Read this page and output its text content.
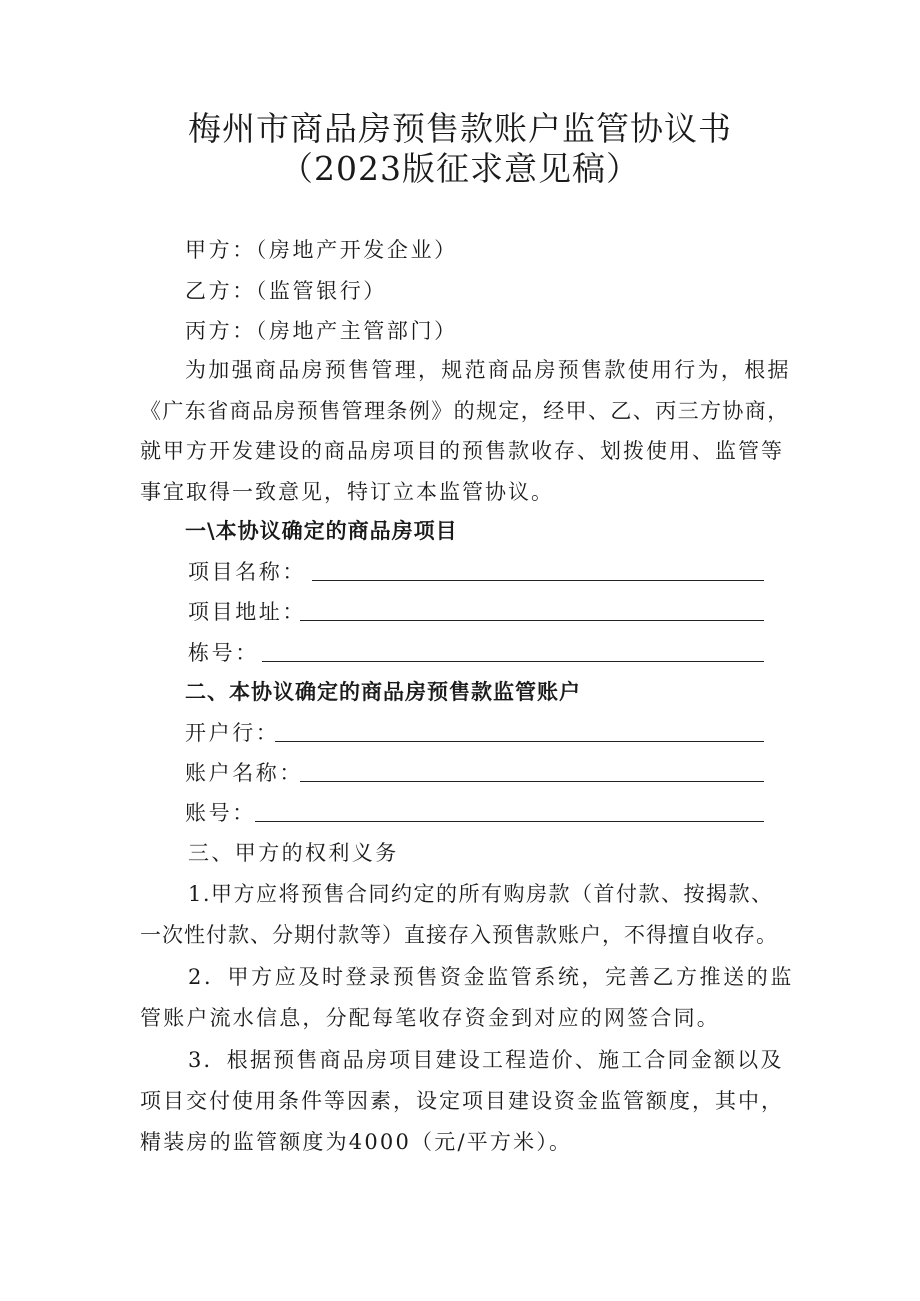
梅州市商品房预售款账户监管协议书
（2023版征求意见稿）
甲方：（房地产开发企业）
乙方：（监管银行）
丙方：（房地产主管部门）
为加强商品房预售管理，规范商品房预售款使用行为，根据
《广东省商品房预售管理条例》的规定，经甲、乙、丙三方协商，
就甲方开发建设的商品房项目的预售款收存、划拨使用、监管等
事宜取得一致意见，特订立本监管协议。
一\本协议确定的商品房项目
项目名称：
项目地址：
栋号：
二、本协议确定的商品房预售款监管账户
开户行：
账户名称：
账号：
三、甲方的权利义务
1.甲方应将预售合同约定的所有购房款（首付款、按揭款、
一次性付款、分期付款等）直接存入预售款账户，不得擅自收存。
2．甲方应及时登录预售资金监管系统，完善乙方推送的监
管账户流水信息，分配每笔收存资金到对应的网签合同。
3．根据预售商品房项目建设工程造价、施工合同金额以及
项目交付使用条件等因素，设定项目建设资金监管额度，其中，
精装房的监管额度为4000（元/平方米）。
